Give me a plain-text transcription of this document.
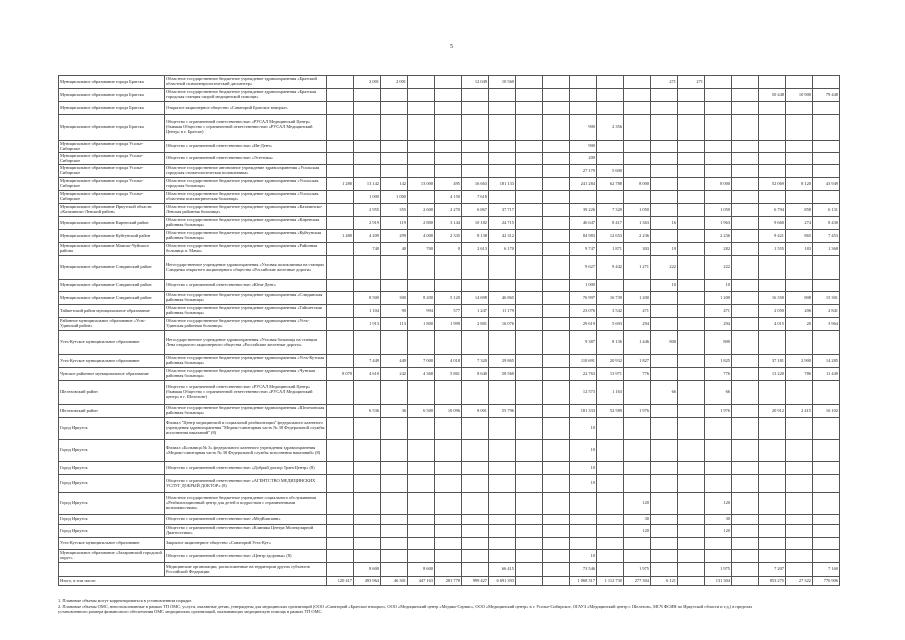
5
Муниципальное образование города Братска	Областное государственное бюджетное учреждение здравоохранения «Братский областной психоневрологический диспансер»		2 001	2 001			12 049	10 560						271	271					
Муниципальное образование города Братска	Областное государственное бюджетное учреждение здравоохранения «Братская городская станция скорой медицинской помощи»																	50 448	10 900	79 448
Муниципальное образование города Братска	Открытое акционерное общество «Санаторий Братское взморье»																			
Муниципальное образование города Братска	Общество с ограниченной ответственностью «РУСАЛ Медицинский Центр» (бывшая Общество с ограниченной ответственностью «РУСАЛ Медицинский Центр» в г. Братске)										900	2 356								
Муниципальное образование города Усолье-Сибирское	Общество с ограниченной ответственностью «Ин-Дент»										900									
Муниципальное образование города Усолье-Сибирское	Общество с ограниченной ответственностью «Эстетика»										200									
Муниципальное образование города Усолье-Сибирское	Областное государственное автономное учреждение здравоохранения «Усольская городская стоматологическая поликлиника»										27 179	5 600								
Муниципальное образование города Усолье-Сибирское	Областное государственное бюджетное учреждение здравоохранения «Усольская городская больница»	1 280	13 142	142	13 000	495	16 663	181 133			241 284	62 788	8 000			8 000		52 069	8 120	43 949
Муниципальное образование города Усолье-Сибирское	Областное государственное бюджетное учреждение здравоохранения «Усольская областная психиатрическая больница»		1 000	1 000		4 150	7 618													
Муниципальное образование Иркутской области «Казачинско-Ленский район»	Областное государственное бюджетное учреждение здравоохранения «Казачинско-Ленская районная больница»		2 955	355	2 600	2 270	6 867	37 717			39 226	7 320	1 050			1 050		6 794	858	6 131
Муниципальное образование Киренский район	Областное государственное бюджетное учреждение здравоохранения «Киренская районная больница»		2 919	119	2 800	3 144	10 182	24 715			46 647	8 417	1 363	16		1 963		9 660	274	8 430
Муниципальное образование Куйтунский район	Областное государственное бюджетное учреждение здравоохранения «Куйтунская районная больница»	1 480	4 209	299	4 000	2 335	8 138	42 312			84 983	12 653	2 236			2 236		9 421	865	7 453
Муниципальное образование Мамско-Чуйского района	Областное государственное бюджетное учреждение здравоохранения «Районная больница п. Мама»		740	40	700	0	2 613	6 170			9 747	1 871	303	19		282		1 555	183	1 368
Муниципальное образование Слюдянский район	Негосударственное учреждение здравоохранения «Узловая поликлиника на станции Слюдянка открытого акционерного общества «Российские железные дороги»										9 627	9 442	1 271	222		222				
Муниципальное образование Слюдянский район	Общество с ограниченной ответственностью «Юни-Дент»										1 000			10		10				
Муниципальное образование Слюдянский район	Областное государственное бюджетное учреждение здравоохранения «Слюдянская районная больница»		8 500	300	8 200	5 120	14 698	46 865			76 997	16 739	1 200			1 200		16 350	808	15 301
Тайшетский район муниципальное образование	Областное государственное бюджетное учреждение здравоохранения «Тайшетская районная больница»		1 104	90	994	577	1 247	11 179			23 076	3 542	471			471		2 050	206	2 841
Районное муниципальное образование «Усть-Удинский район»	Областное государственное бюджетное учреждение здравоохранения «Усть-Удинская районная больница»		1 913	113	1 800	1 999	2 801	16 076			29 619	5 693	294			294		4 015	20	3 964
Усть-Кутское муниципальное образование	Негосударственное учреждение здравоохранения «Узловая больница на станции Лена открытого акционерного общества «Российские железные дороги»										9 387	8 136	1 446	800		800				
Усть-Кутское муниципальное образование	Областное государственное бюджетное учреждение здравоохранения «Усть-Кутская районная больница»		7 449	449	7 000	4 018	7 320	29 865			110 691	20 932	1 827			1 825		37 181	2 900	14 285
Чунское районное муниципальное образование	Областное государственное бюджетное учреждение здравоохранения «Чунская районная больница»	8 079	4 610	242	4 368	5 861	8 640	58 560			22 763	13 971	776			776		13 220	786	11 449
Шелеховский район	Общество с ограниченной ответственностью «РУСАЛ Медицинский Центр» (бывшая Общество с ограниченной ответственностью «РУСАЛ Медицинский центр» в г. Шелехове)										12 573	1 163		66		66				
Шелеховский район	Областное государственное бюджетное учреждение здравоохранения «Шелеховская районная больница»		6 536	36	6 500	10 096	8 001	55 796			181 333	52 589	1 976			1 976		20 912	2 415	16 102
Город Иркутск	Филиал "Центр медицинской и социальной реабилитации" федерального казенного учреждения здравоохранения "Медико-санитарная часть № 38 Федеральной службы исполнения наказаний" (8)										10									
Город Иркутск	Филиал «Больница № 3» федерального казенного учреждения здравоохранения «Медико-санитарная часть № 38 Федеральной службы исполнения наказаний» (8)										10									
Город Иркутск	Общество с ограниченной ответственностью «Добрый доктор ТрансЦентр» (8)										10									
Город Иркутск	Общество с ограниченной ответственностью «АГЕНТСТВО МЕДИЦИНСКИХ УСЛУГ ДОБРЫЙ ДОКТОР» (8)										10									
Город Иркутск	Областное государственное бюджетное учреждение социального обслуживания «Реабилитационный центр для детей и подростков с ограниченными возможностями»												120			120				
Город Иркутск	Общество с ограниченной ответственностью «МедКомпани»												30			30				
Город Иркутск	Общество с ограниченной ответственностью «Клиника Центра Молекулярной Диагностики»												120			120				
Усть-Кутское муниципальное образование	Закрытое акционерное общество «Санаторий Усть-Кут»																			
Муниципальное образование «Заларинский городской округ»	Общество с ограниченной ответственностью «Центр здоровья» (8)										10									
	Медицинские организации, расположенные на территории других субъектов Российской Федерации		8 600		8 600			66 415			73 546		1 975			1 975		7 207		7 160
Итого, в том числе:		120 417	493 964	46 301	447 163	281 778	999 427	6 691 393			1 068 317	1 112 730	277 304	6 121		131 304		853 275	27 322	776 906
1. Плановые объемы могут корректироваться в установленном порядке.
2. Плановые объемы ОМС, неиспользованные в рамках ТП ОМС, услуги, оказанные детям, утверждены для медицинских организаций (ООО «Санаторий «Братское взморье», ООО «Медицинский центр «Медико-Сервис», ООО «Медицинский центр» в г. Усолье-Сибирское, ОГАУЗ «Медицинский центр г. Шелехов», МСЧ ФСИН по Иркутской области и т.д.) в пределах
установленного размера финансового обеспечения ОМС медицинских организаций, оказывающих медицинскую помощь в рамках ТП ОМС.
